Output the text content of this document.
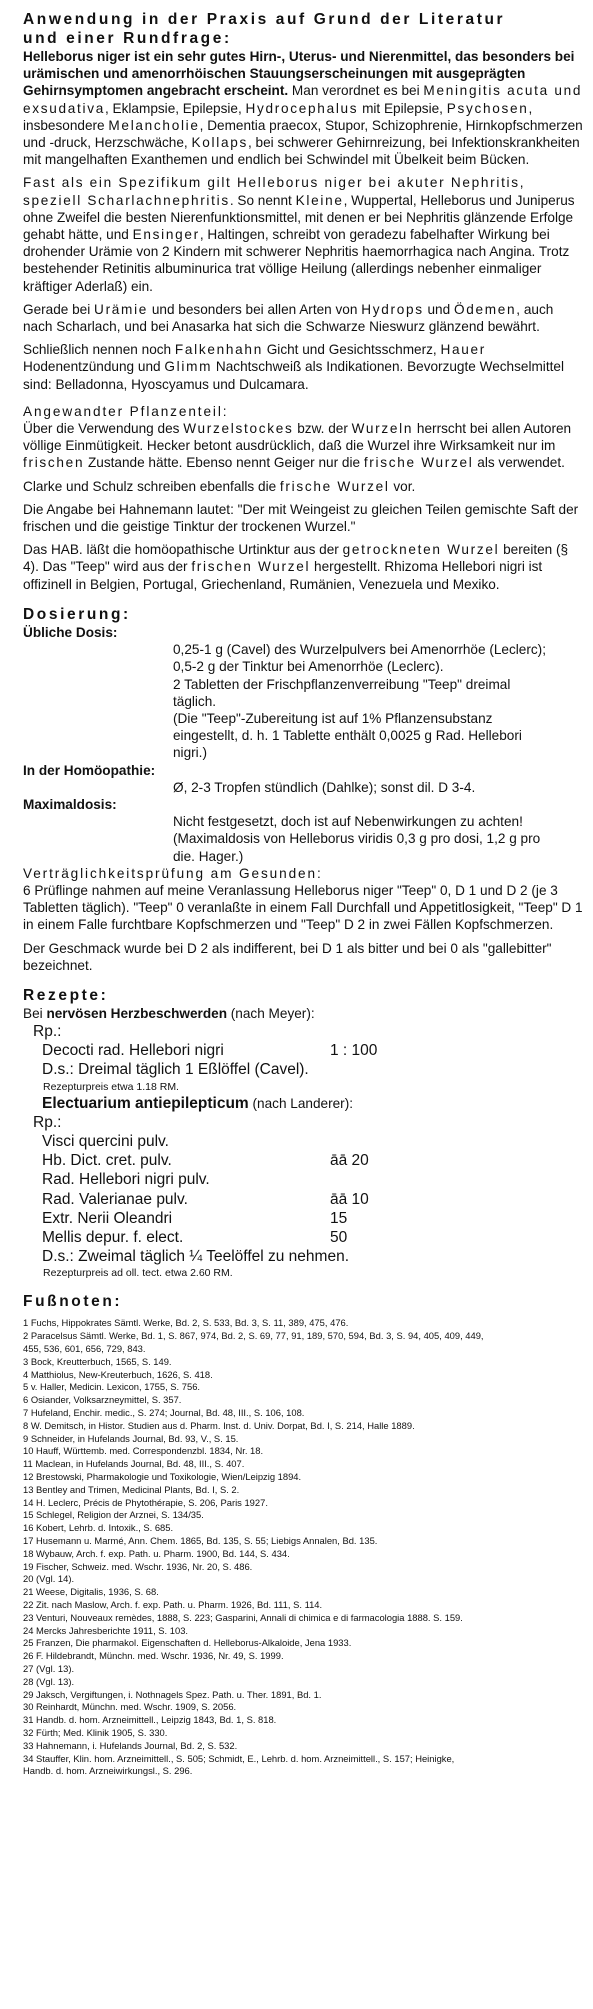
Anwendung in der Praxis auf Grund der Literatur
und einer Rundfrage:

Helleborus niger ist ein sehr gutes Hirn-, Uterus- und Nierenmittel, das besonders bei urämischen und amenorrhöischen Stauungserscheinungen mit ausgeprägten Gehirnsymptomen angebracht erscheint. Man verordnet es bei Meningitis acuta und exsudativa, Eklampsie, Epilepsie, Hydrocephalus mit Epilepsie, Psychosen, insbesondere Melancholie, Dementia praecox, Stupor, Schizophrenie, Hirnkopfschmerzen und -druck, Herzschwäche, Kollaps, bei schwerer Gehirnreizung, bei Infektionskrankheiten mit mangelhaften Exanthemen und endlich bei Schwindel mit Übelkeit beim Bücken.

Fast als ein Spezifikum gilt Helleborus niger bei akuter Nephritis, speziell Scharlachnephritis. So nennt Kleine, Wuppertal, Helleborus und Juniperus ohne Zweifel die besten Nierenfunktionsmittel, mit denen er bei Nephritis glänzende Erfolge gehabt hätte, und Ensinger, Haltingen, schreibt von geradezu fabelhafter Wirkung bei drohender Urämie von 2 Kindern mit schwerer Nephritis haemorrhagica nach Angina. Trotz bestehender Retinitis albuminurica trat völlige Heilung (allerdings nebenher einmaliger kräftiger Aderlaß) ein.

Gerade bei Urämie und besonders bei allen Arten von Hydrops und Ödemen, auch nach Scharlach, und bei Anasarka hat sich die Schwarze Nieswurz glänzend bewährt.

Schließlich nennen noch Falkenhahn Gicht und Gesichtsschmerz, Hauer Hodenentzündung und Glimm Nachtschweiß als Indikationen. Bevorzugte Wechselmittel sind: Belladonna, Hyoscyamus und Dulcamara.

Angewandter Pflanzenteil:

Über die Verwendung des Wurzelstockes bzw. der Wurzeln herrscht bei allen Autoren völlige Einmütigkeit. Hecker betont ausdrücklich, daß die Wurzel ihre Wirksamkeit nur im frischen Zustande hätte. Ebenso nennt Geiger nur die frische Wurzel als verwendet.

Clarke und Schulz schreiben ebenfalls die frische Wurzel vor.

Die Angabe bei Hahnemann lautet: "Der mit Weingeist zu gleichen Teilen gemischte Saft der frischen und die geistige Tinktur der trockenen Wurzel."

Das HAB. läßt die homöopathische Urtinktur aus der getrockneten Wurzel bereiten (§ 4). Das "Teep" wird aus der frischen Wurzel hergestellt. Rhizoma Hellebori nigri ist offizinell in Belgien, Portugal, Griechenland, Rumänien, Venezuela und Mexiko.

Dosierung:
Übliche Dosis:
0,25-1 g (Cavel) des Wurzelpulvers bei Amenorrhöe (Leclerc);
0,5-2 g der Tinktur bei Amenorrhöe (Leclerc).
2 Tabletten der Frischpflanzenverreibung "Teep" dreimal
täglich.
(Die "Teep"-Zubereitung ist auf 1% Pflanzensubstanz
eingestellt, d. h. 1 Tablette enthält 0,0025 g Rad. Hellebori
nigri.)
In der Homöopathie:
Ø, 2-3 Tropfen stündlich (Dahlke); sonst dil. D 3-4.
Maximaldosis:
Nicht festgesetzt, doch ist auf Nebenwirkungen zu achten!
(Maximaldosis von Helleborus viridis 0,3 g pro dosi, 1,2 g pro
die. Hager.)
Verträglichkeitsprüfung am Gesunden:

6 Prüflinge nahmen auf meine Veranlassung Helleborus niger "Teep" 0, D 1 und D 2 (je 3 Tabletten täglich). "Teep" 0 veranlaßte in einem Fall Durchfall und Appetitlosigkeit, "Teep" D 1 in einem Falle furchtbare Kopfschmerzen und "Teep" D 2 in zwei Fällen Kopfschmerzen.

Der Geschmack wurde bei D 2 als indifferent, bei D 1 als bitter und bei 0 als "gallebitter" bezeichnet.

Rezepte:

Bei nervösen Herzbeschwerden (nach Meyer):

Rp.:
Decocti rad. Hellebori nigri	1 : 100
D.s.: Dreimal täglich 1 Eßlöffel (Cavel).
Rezepturpreis etwa 1.18 RM.
Electuarium antiepilepticum (nach Landerer):
Rp.:
Visci quercini pulv.
Hb. Dict. cret. pulv.	āā 20
Rad. Hellebori nigri pulv.
Rad. Valerianae pulv.	āā 10
Extr. Nerii Oleandri	15
Mellis depur. f. elect.	50
D.s.: Zweimal täglich ¼ Teelöffel zu nehmen.
Rezepturpreis ad oll. tect. etwa 2.60 RM.
Fußnoten:

1 Fuchs, Hippokrates Sämtl. Werke, Bd. 2, S. 533, Bd. 3, S. 11, 389, 475, 476.

2 Paracelsus Sämtl. Werke, Bd. 1, S. 867, 974, Bd. 2, S. 69, 77, 91, 189, 570, 594, Bd. 3, S. 94, 405, 409, 449,

455, 536, 601, 656, 729, 843.

3 Bock, Kreutterbuch, 1565, S. 149.

4 Matthiolus, New-Kreuterbuch, 1626, S. 418.

5 v. Haller, Medicin. Lexicon, 1755, S. 756.

6 Osiander, Volksarzneymittel, S. 357.

7 Hufeland, Enchir. medic., S. 274; Journal, Bd. 48, III., S. 106, 108.

8 W. Demitsch, in Histor. Studien aus d. Pharm. Inst. d. Univ. Dorpat, Bd. I, S. 214, Halle 1889.

9 Schneider, in Hufelands Journal, Bd. 93, V., S. 15.

10 Hauff, Württemb. med. Correspondenzbl. 1834, Nr. 18.

11 Maclean, in Hufelands Journal, Bd. 48, III., S. 407.

12 Brestowski, Pharmakologie und Toxikologie, Wien/Leipzig 1894.

13 Bentley and Trimen, Medicinal Plants, Bd. I, S. 2.

14 H. Leclerc, Précis de Phytothérapie, S. 206, Paris 1927.

15 Schlegel, Religion der Arznei, S. 134/35.

16 Kobert, Lehrb. d. Intoxik., S. 685.

17 Husemann u. Marmé, Ann. Chem. 1865, Bd. 135, S. 55; Liebigs Annalen, Bd. 135.

18 Wybauw, Arch. f. exp. Path. u. Pharm. 1900, Bd. 144, S. 434.

19 Fischer, Schweiz. med. Wschr. 1936, Nr. 20, S. 486.

20 (Vgl. 14).

21 Weese, Digitalis, 1936, S. 68.

22 Zit. nach Maslow, Arch. f. exp. Path. u. Pharm. 1926, Bd. 111, S. 114.

23 Venturi, Nouveaux remèdes, 1888, S. 223; Gasparini, Annali di chimica e di farmacologia 1888. S. 159.

24 Mercks Jahresberichte 1911, S. 103.

25 Franzen, Die pharmakol. Eigenschaften d. Helleborus-Alkaloide, Jena 1933.

26 F. Hildebrandt, Münchn. med. Wschr. 1936, Nr. 49, S. 1999.

27 (Vgl. 13).

28 (Vgl. 13).

29 Jaksch, Vergiftungen, i. Nothnagels Spez. Path. u. Ther. 1891, Bd. 1.

30 Reinhardt, Münchn. med. Wschr. 1909, S. 2056.

31 Handb. d. hom. Arzneimittell., Leipzig 1843, Bd. 1, S. 818.

32 Fürth; Med. Klinik 1905, S. 330.

33 Hahnemann, i. Hufelands Journal, Bd. 2, S. 532.

34 Stauffer, Klin. hom. Arzneimittell., S. 505; Schmidt, E., Lehrb. d. hom. Arzneimittell., S. 157; Heinigke,

Handb. d. hom. Arzneiwirkungsl., S. 296.
